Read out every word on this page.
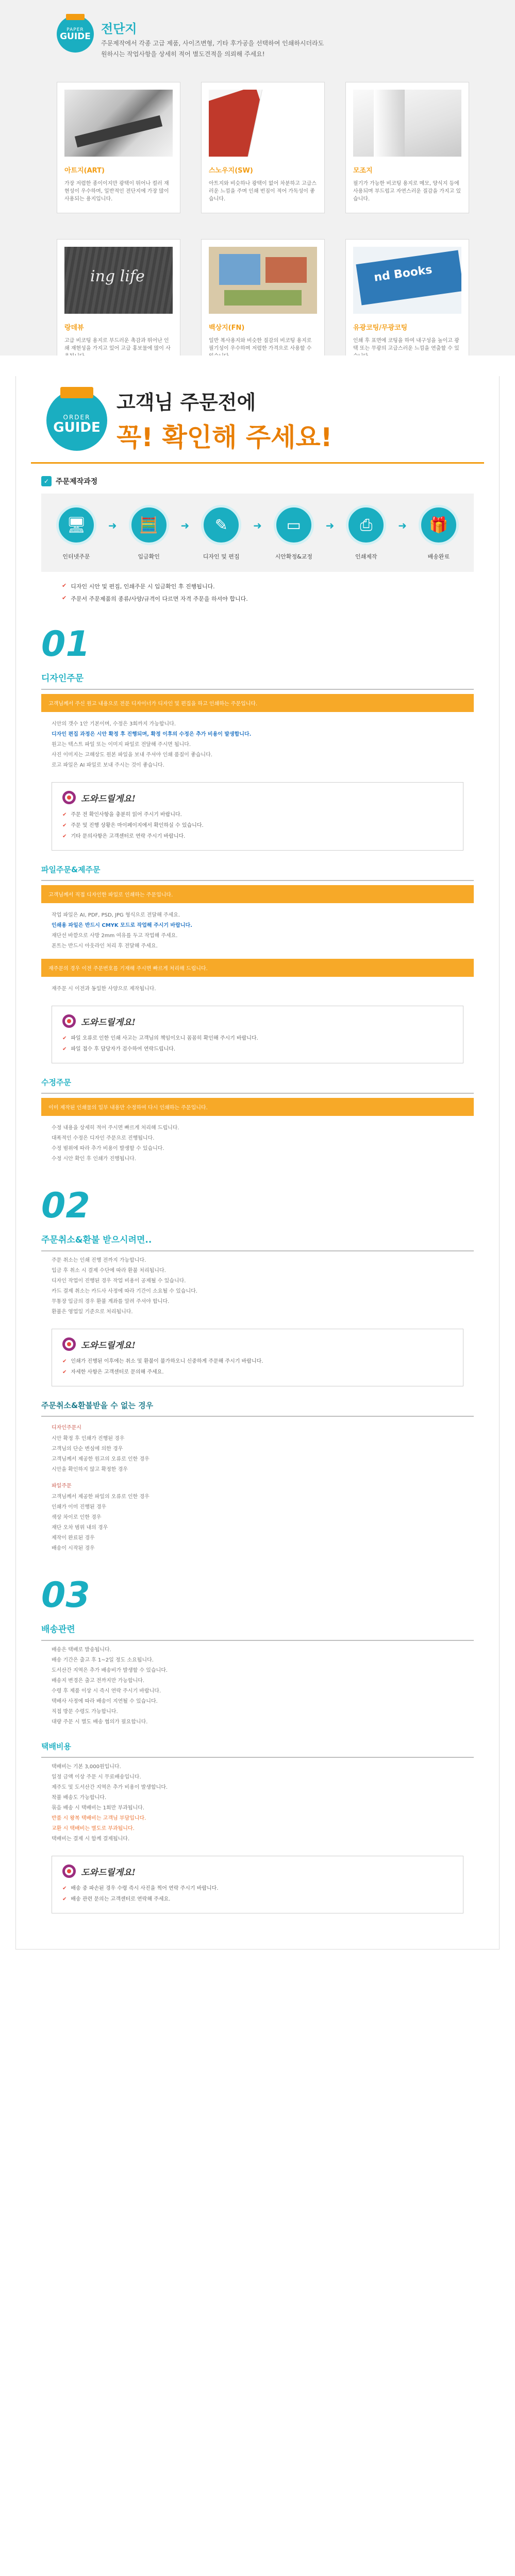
PAPER
GUIDE
전단지

주문제작에서 각종 고급 제품, 사이즈변형, 기타 후가공을 선택하여 인쇄하시더라도

원하시는 작업사항을 상세히 적어 별도견적을 의뢰해 주세요!

아트지(ART)

가장 저렴한 종이이지만 광택이 뛰어나 컬러 재현성이 우수하며, 일반적인 전단지에 가장 많이 사용되는 용지입니다.

스노우지(SW)

아트지와 비슷하나 광택이 없어 차분하고 고급스러운 느낌을 주며 인쇄 번짐이 적어 가독성이 좋습니다.

모조지

필기가 가능한 비코팅 용지로 메모, 양식지 등에 사용되며 부드럽고 자연스러운 질감을 가지고 있습니다.

ing life

랑데뷰

고급 비코팅 용지로 부드러운 촉감과 뛰어난 인쇄 재현성을 가지고 있어 고급 홍보물에 많이 사

백상지(FN)

일반 복사용지와 비슷한 질감의 비코팅 용지로 필기성이 우수하며 저렴한 가격으로 사용할 수

nd Books

유광코팅/무광코팅

인쇄 후 표면에 코팅을 하여 내구성을 높이고 광택 또는 무광의 고급스러운 느낌을 연출할 수 있

ORDER
GUIDE

고객님 주문전에

꼭! 확인해 주세요!

✓ 주문제작과정
🖥
인터넷주문
➜	🧮
입금확인
➜	✎
디자인 및 편집
➜	▭
시안확정&교정
➜	⎙
인쇄제작
➜	🎁
배송완료
✔ 디자인 시안 및 편집, 인쇄주문 시 입금확인 후 진행됩니다.
✔ 주문서 주문제품의 종류/사양/규격이 다르면 자격 주문을 하셔야 합니다.

01

디자인주문

고객님께서 주신 원고 내용으로 전문 디자이너가 디자인 및 편집을 하고 인쇄하는 주문입니다.

시안의 갯수 1안 기본이며, 수정은 3회까지 가능합니다.

디자인 편집 과정은 시안 확정 후 진행되며, 확정 이후의 수정은 추가 비용이 발생합니다.

원고는 텍스트 파일 또는 이미지 파일로 전달해 주시면 됩니다.

사진 이미지는 고해상도 원본 파일을 보내 주셔야 인쇄 품질이 좋습니다.

로고 파일은 AI 파일로 보내 주시는 것이 좋습니다.

도와드릴게요!

✔ 주문 전 확인사항을 충분히 읽어 주시기 바랍니다.

✔ 주문 및 진행 상황은 마이페이지에서 확인하실 수 있습니다.

✔ 기타 문의사항은 고객센터로 연락 주시기 바랍니다.

파일주문&제주문

고객님께서 직접 디자인한 파일로 인쇄하는 주문입니다.

작업 파일은 AI, PDF, PSD, JPG 형식으로 전달해 주세요.

인쇄용 파일은 반드시 CMYK 모드로 작업해 주시기 바랍니다.

재단선 바깥으로 사방 2mm 여유를 두고 작업해 주세요.

폰트는 반드시 아웃라인 처리 후 전달해 주세요.

재주문의 경우 이전 주문번호를 기재해 주시면 빠르게 처리해 드립니다.

재주문 시 이전과 동일한 사양으로 제작됩니다.

도와드릴게요!

✔ 파일 오류로 인한 인쇄 사고는 고객님의 책임이오니 꼼꼼히 확인해 주시기 바랍니다.

✔ 파일 접수 후 담당자가 검수하여 연락드립니다.

수정주문

이미 제작된 인쇄물의 일부 내용만 수정하여 다시 인쇄하는 주문입니다.

수정 내용을 상세히 적어 주시면 빠르게 처리해 드립니다.

대폭적인 수정은 디자인 주문으로 진행됩니다.

수정 범위에 따라 추가 비용이 발생할 수 있습니다.

수정 시안 확인 후 인쇄가 진행됩니다.

02

주문취소&환불 받으시려면..

주문 취소는 인쇄 진행 전까지 가능합니다.

입금 후 취소 시 결제 수단에 따라 환불 처리됩니다.

디자인 작업이 진행된 경우 작업 비용이 공제될 수 있습니다.

카드 결제 취소는 카드사 사정에 따라 기간이 소요될 수 있습니다.

무통장 입금의 경우 환불 계좌를 알려 주셔야 합니다.

환불은 영업일 기준으로 처리됩니다.

도와드릴게요!

✔ 인쇄가 진행된 이후에는 취소 및 환불이 불가하오니 신중하게 주문해 주시기 바랍니다.

✔ 자세한 사항은 고객센터로 문의해 주세요.

주문취소&환불받을 수 없는 경우

디자인주문시

시안 확정 후 인쇄가 진행된 경우

고객님의 단순 변심에 의한 경우

고객님께서 제공한 원고의 오류로 인한 경우

시안을 확인하지 않고 확정한 경우

파일주문

고객님께서 제공한 파일의 오류로 인한 경우

인쇄가 이미 진행된 경우

색상 차이로 인한 경우

재단 오차 범위 내의 경우

제작이 완료된 경우

배송이 시작된 경우

03

배송관련

배송은 택배로 발송됩니다.

배송 기간은 출고 후 1~2일 정도 소요됩니다.

도서산간 지역은 추가 배송비가 발생할 수 있습니다.

배송지 변경은 출고 전까지만 가능합니다.

수령 후 제품 이상 시 즉시 연락 주시기 바랍니다.

택배사 사정에 따라 배송이 지연될 수 있습니다.

직접 방문 수령도 가능합니다.

대량 주문 시 별도 배송 협의가 필요합니다.

택배비용

택배비는 기본 3,000원입니다.

일정 금액 이상 주문 시 무료배송입니다.

제주도 및 도서산간 지역은 추가 비용이 발생합니다.

착불 배송도 가능합니다.

묶음 배송 시 택배비는 1회만 부과됩니다.

반품 시 왕복 택배비는 고객님 부담입니다.

교환 시 택배비는 별도로 부과됩니다.

택배비는 결제 시 함께 결제됩니다.

도와드릴게요!

✔ 배송 중 파손된 경우 수령 즉시 사진을 찍어 연락 주시기 바랍니다.

✔ 배송 관련 문의는 고객센터로 연락해 주세요.
